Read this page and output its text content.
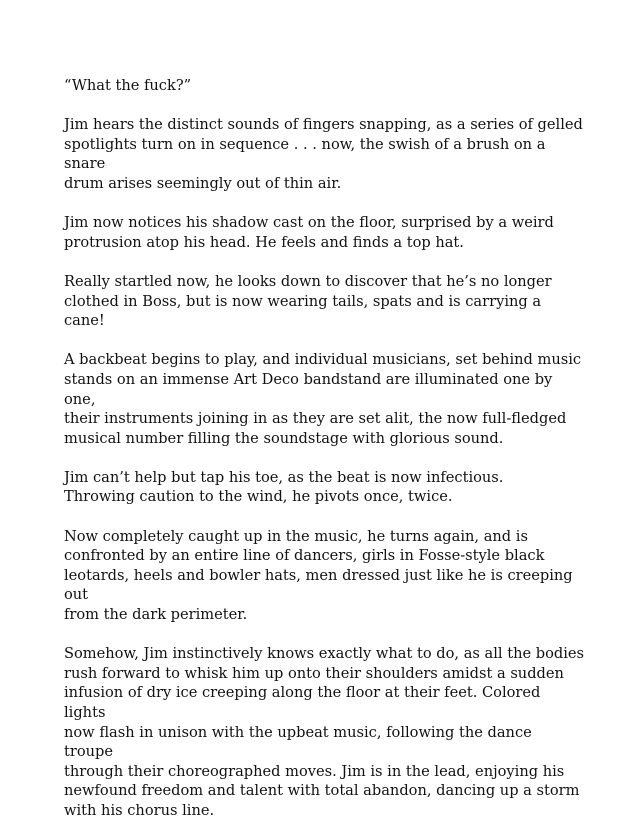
“What the fuck?”

Jim hears the distinct sounds of fingers snapping, as a series of gelled
spotlights turn on in sequence . . . now, the swish of a brush on a snare
drum arises seemingly out of thin air.

Jim now notices his shadow cast on the floor, surprised by a weird
protrusion atop his head. He feels and finds a top hat.

Really startled now, he looks down to discover that he’s no longer
clothed in Boss, but is now wearing tails, spats and is carrying a cane!

A backbeat begins to play, and individual musicians, set behind music
stands on an immense Art Deco bandstand are illuminated one by one,
their instruments joining in as they are set alit, the now full-fledged
musical number filling the soundstage with glorious sound.

Jim can’t help but tap his toe, as the beat is now infectious.
Throwing caution to the wind, he pivots once, twice.

Now completely caught up in the music, he turns again, and is
confronted by an entire line of dancers, girls in Fosse-style black
leotards, heels and bowler hats, men dressed just like he is creeping out
from the dark perimeter.

Somehow, Jim instinctively knows exactly what to do, as all the bodies
rush forward to whisk him up onto their shoulders amidst a sudden
infusion of dry ice creeping along the floor at their feet. Colored lights
now flash in unison with the upbeat music, following the dance troupe
through their choreographed moves. Jim is in the lead, enjoying his
newfound freedom and talent with total abandon, dancing up a storm
with his chorus line.
